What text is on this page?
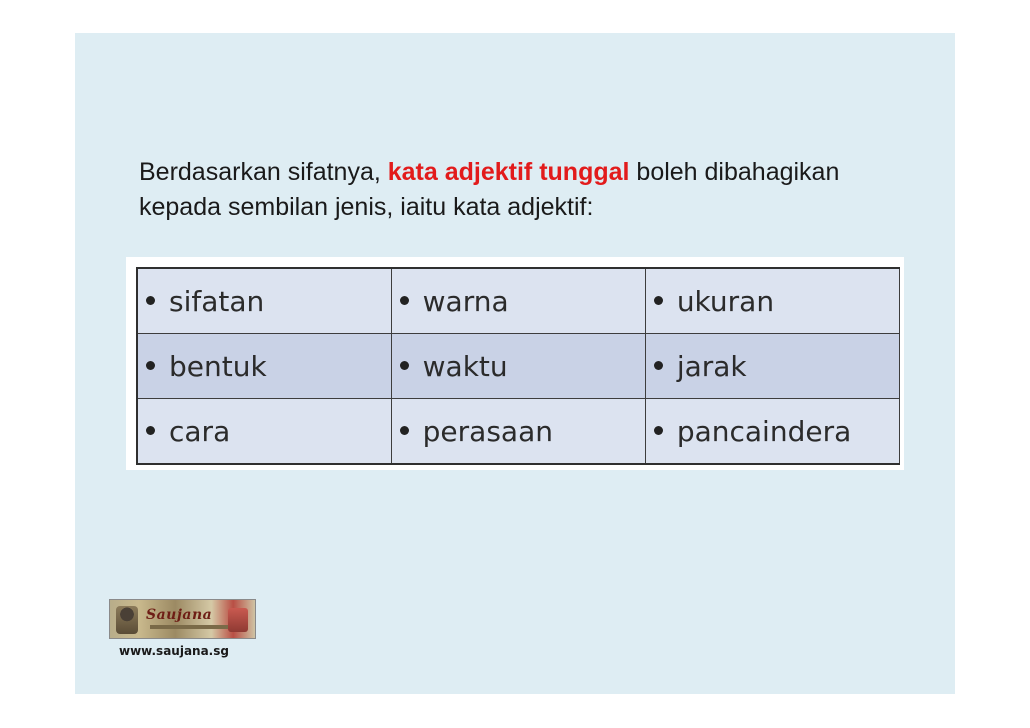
Berdasarkan sifatnya, kata adjektif tunggal boleh dibahagikan kepada sembilan jenis, iaitu kata adjektif:
sifatan	warna	ukuran
bentuk	waktu	jarak
cara	perasaan	pancaindera
Saujana
www.saujana.sg
